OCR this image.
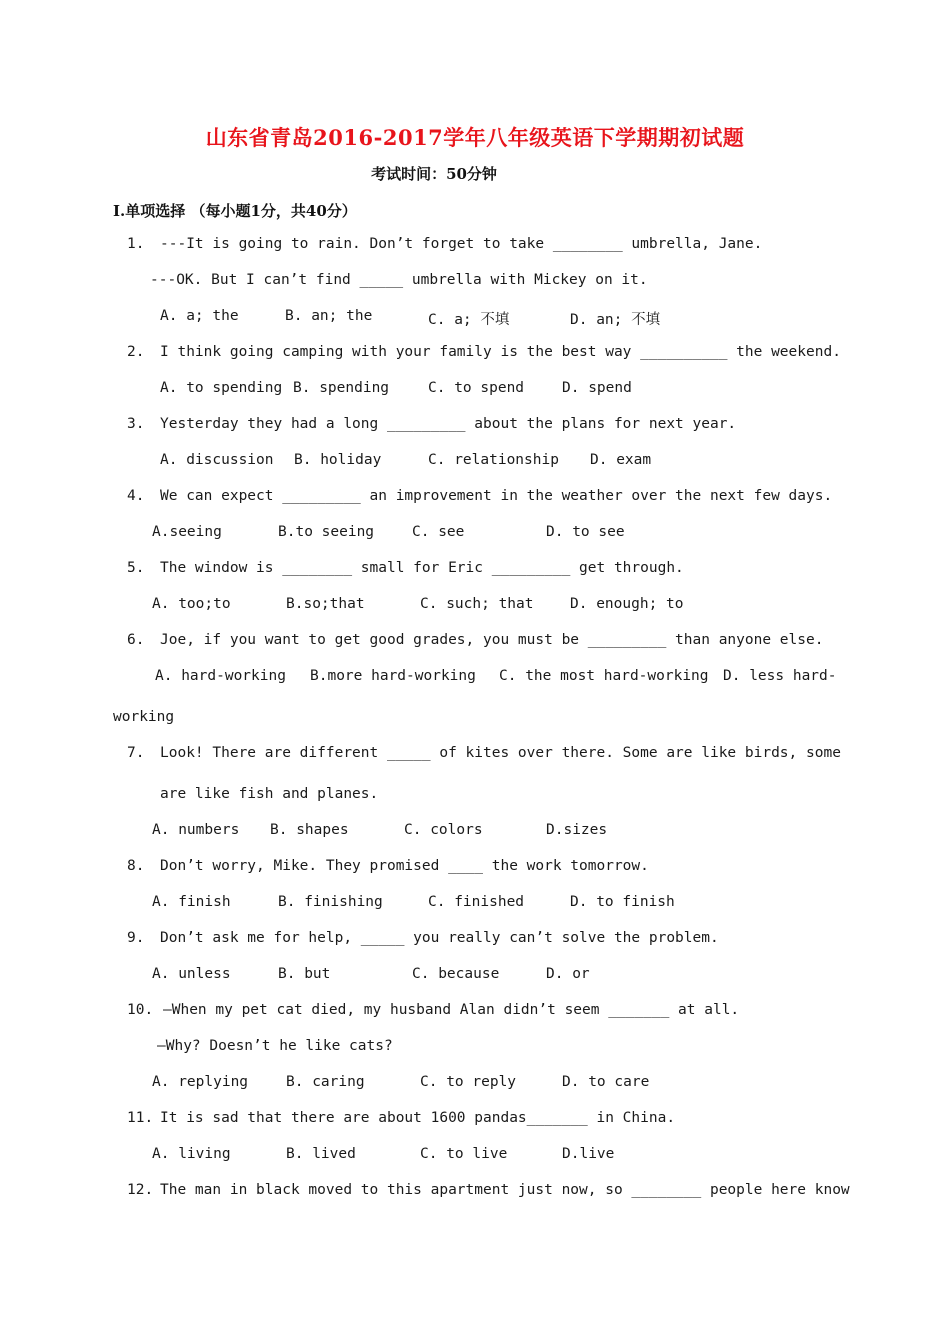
山东省青岛2016-2017学年八年级英语下学期期初试题
考试时间：50分钟
I.单项选择 （每小题1分，共40分）
1. ---It is going to rain. Don’t forget to take ________ umbrella, Jane.
---OK. But I can’t find _____ umbrella with Mickey on it.
A. a; the	B. an; the	C. a; 不填	D. an; 不填
2. I think going camping with your family is the best way __________ the weekend.
A. to spending B. spending	C. to spend	D. spend
3. Yesterday they had a long _________ about the plans for next year.
A. discussion B. holiday	C. relationship D. exam
4. We can expect _________ an improvement in the weather over the next few days.
A.seeing	B.to seeing	C. see	D. to see
5. The window is ________ small for Eric _________ get through.
A. too;to	B.so;that	C. such; that	D. enough; to
6. Joe, if you want to get good grades, you must be _________ than anyone else.
A. hard-working B.more hard-working C. the most hard-working D. less hard-
working
7. Look! There are different _____ of kites over there. Some are like birds, some
are like fish and planes.
A. numbers B. shapes	C. colors	D.sizes
8. Don’t worry, Mike. They promised ____ the work tomorrow.
A. finish	B. finishing	C. finished	D. to finish
9. Don’t ask me for help, _____ you really can’t solve the problem.
A. unless	B. but	C. because	D. or
10. –When my pet cat died, my husband Alan didn’t seem _______ at all.
–Why? Doesn’t he like cats?
A. replying	B. caring	C. to reply	D. to care
11. It is sad that there are about 1600 pandas_______ in China.
A. living	B. lived	C. to live	D.live
12. The man in black moved to this apartment just now, so ________ people here know
